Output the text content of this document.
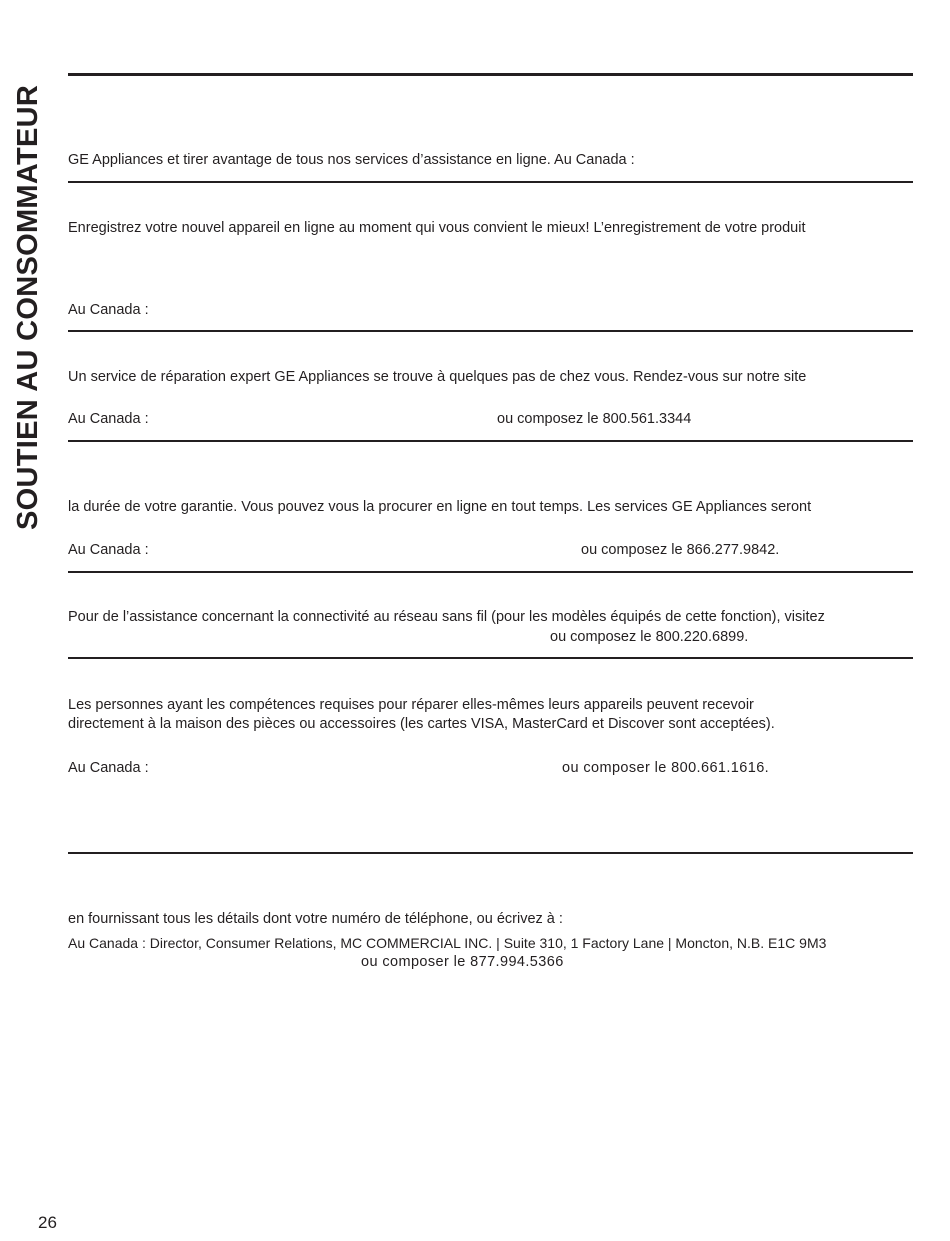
SOUTIEN AU CONSOMMATEUR GE Appliances et tirer avantage de tous nos services d’assistance en ligne. Au Canada :
Enregistrez votre nouvel appareil en ligne au moment qui vous convient le mieux! L’enregistrement de votre produit
Au Canada :
Un service de réparation expert GE Appliances se trouve à quelques pas de chez vous. Rendez-vous sur notre site
Au Canada :	ou composez le 800.561.3344
la durée de votre garantie. Vous pouvez vous la procurer en ligne en tout temps. Les services GE Appliances seront
Au Canada :	ou composez le 866.277.9842.
Pour de l’assistance concernant la connectivité au réseau sans fil (pour les modèles équipés de cette fonction), visitez
ou composez le 800.220.6899.
Les personnes ayant les compétences requises pour réparer elles-mêmes leurs appareils peuvent recevoir
directement à la maison des pièces ou accessoires (les cartes VISA, MasterCard et Discover sont acceptées).
Au Canada :	ou composer le 800.661.1616.
en fournissant tous les détails dont votre numéro de téléphone, ou écrivez à :
Au Canada : Director, Consumer Relations, MC COMMERCIAL INC. | Suite 310, 1 Factory Lane | Moncton, N.B. E1C 9M3
ou composer le 877.994.5366
26
